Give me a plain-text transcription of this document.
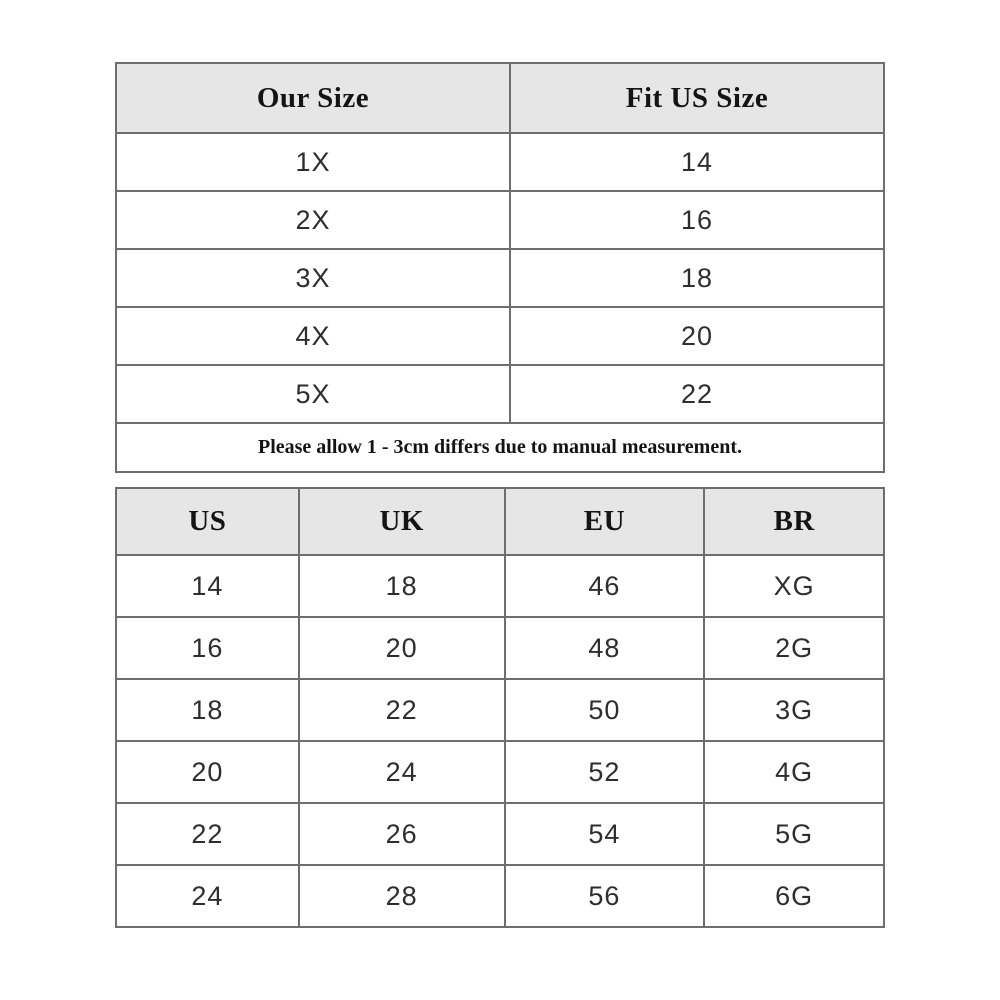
Our Size	Fit US Size
1X	14
2X	16
3X	18
4X	20
5X	22
Please allow 1 - 3cm differs due to manual measurement.	
US	UK	EU	BR
14	18	46	XG
16	20	48	2G
18	22	50	3G
20	24	52	4G
22	26	54	5G
24	28	56	6G
